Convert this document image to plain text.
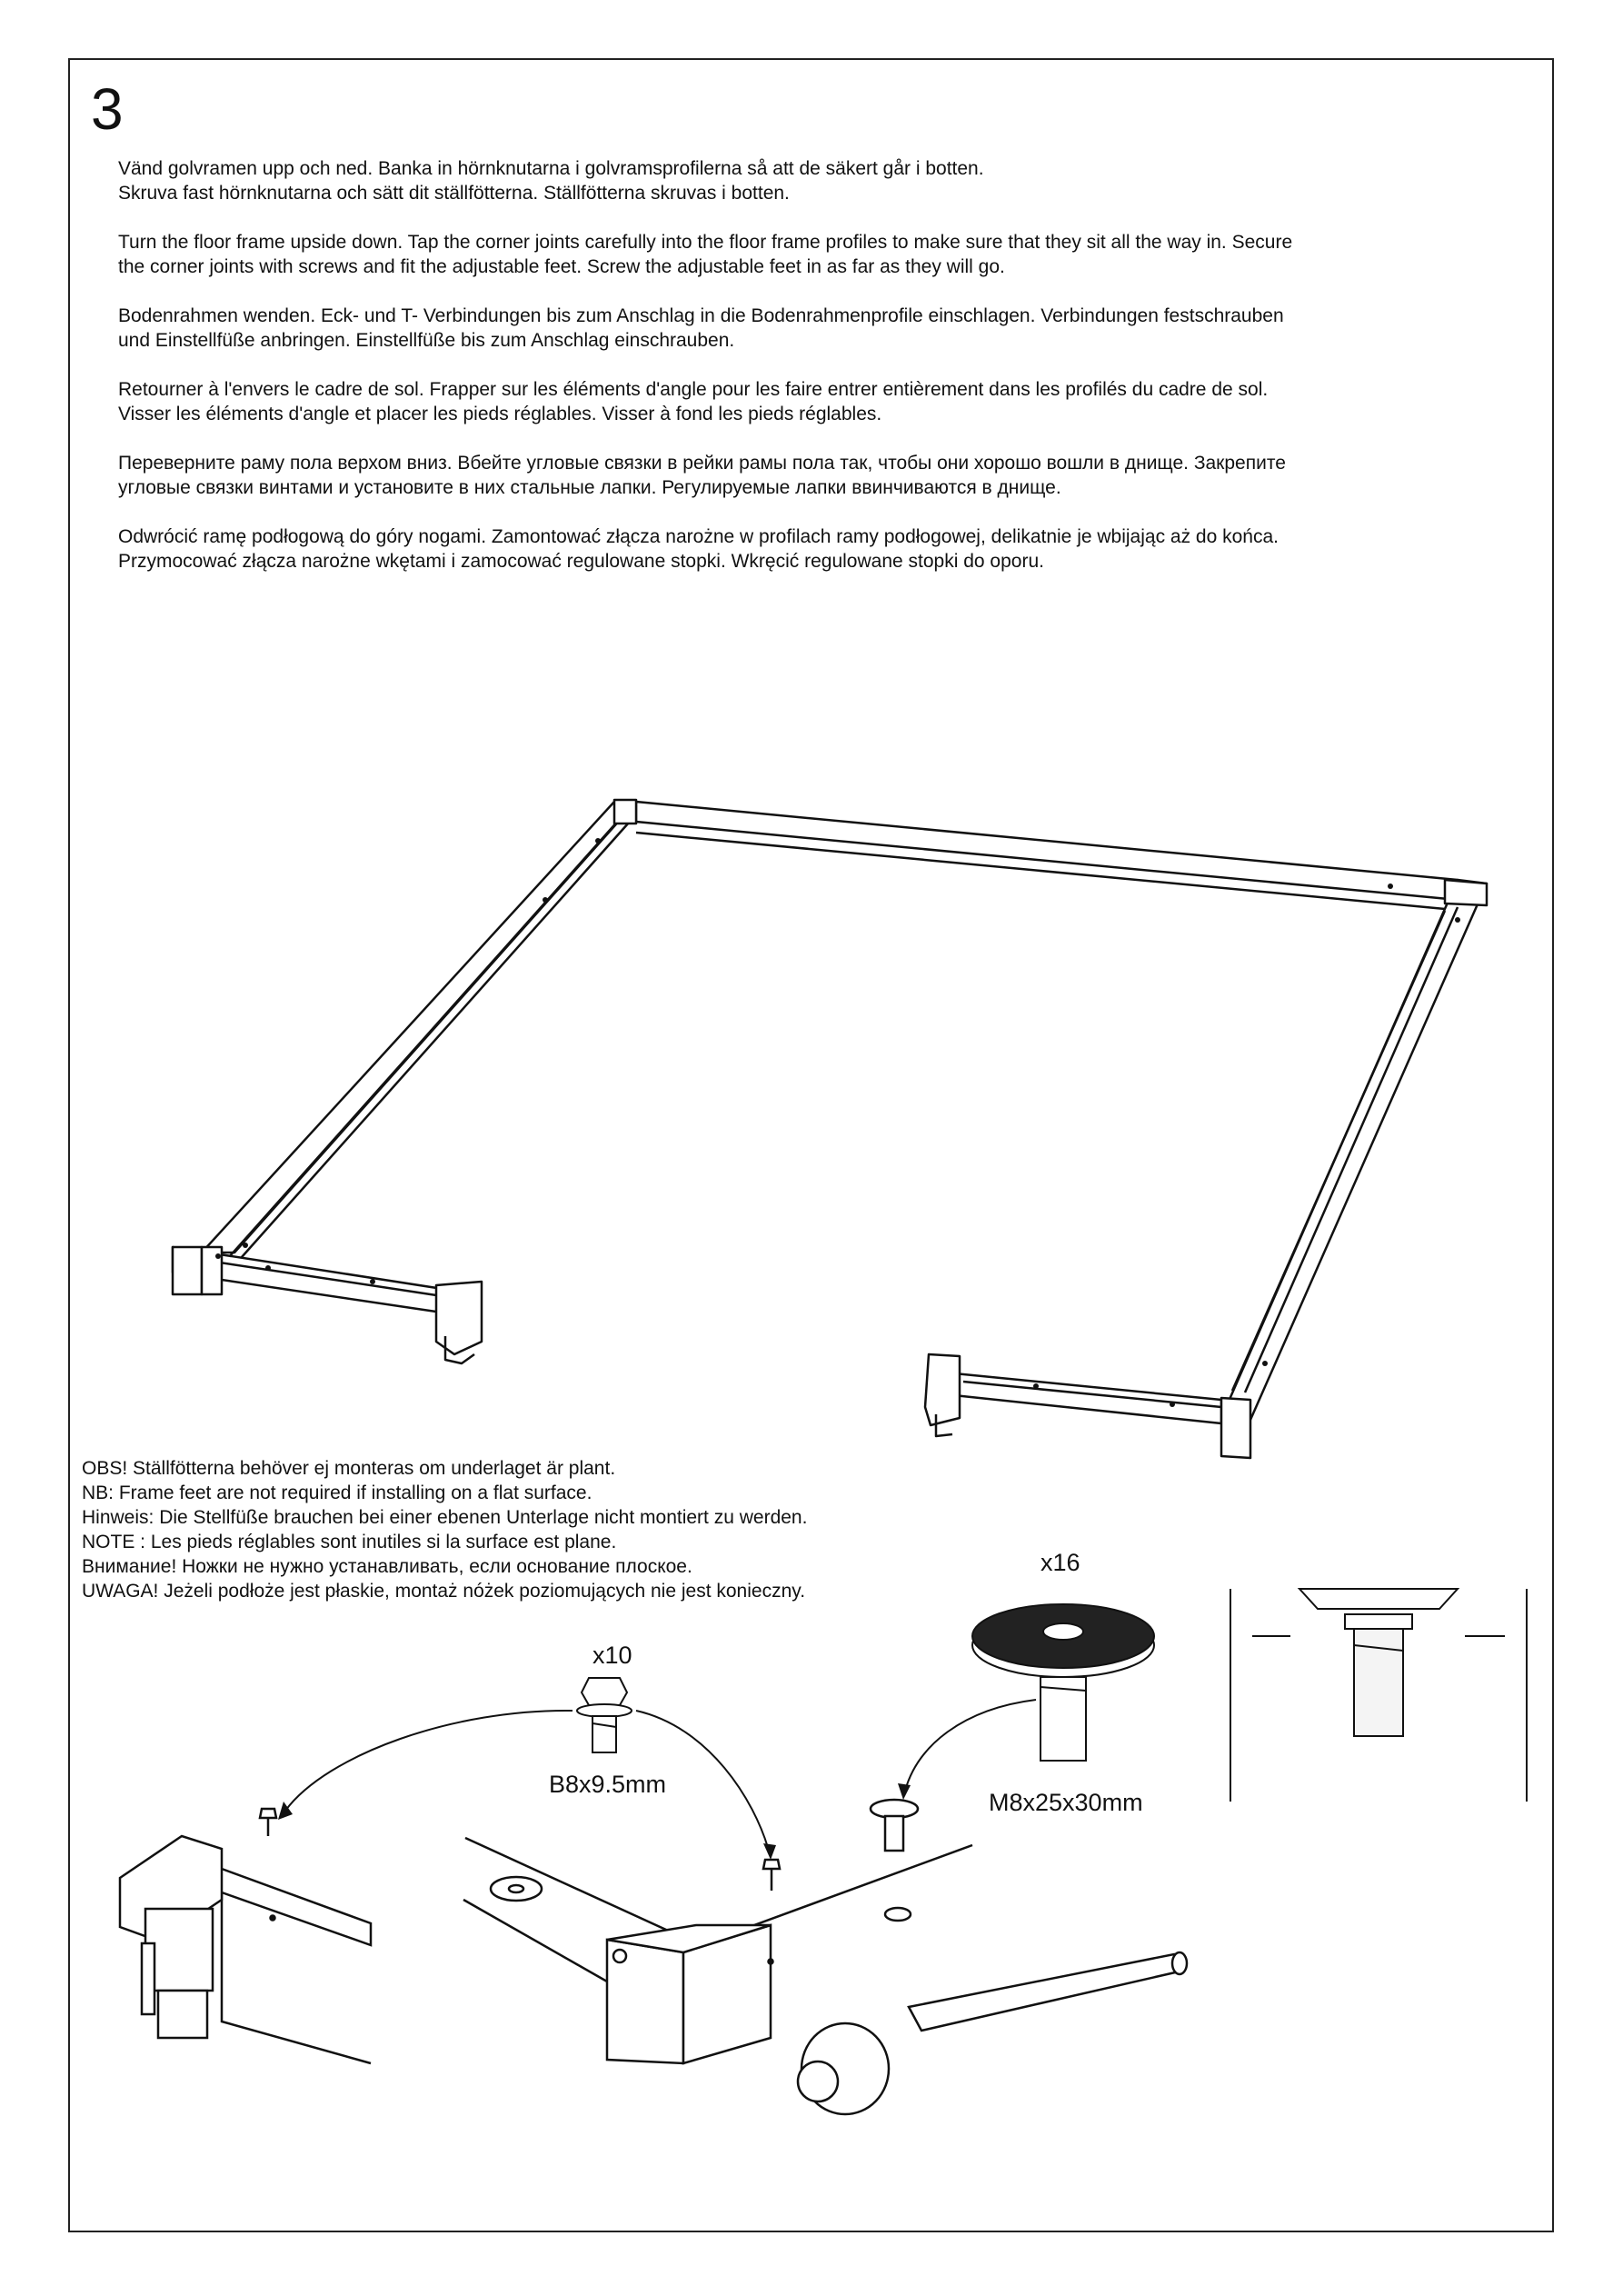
3

Vänd golvramen upp och ned. Banka in hörnknutarna i golvramsprofilerna så att de säkert går i botten.
Skruva fast hörnknutarna och sätt dit ställfötterna. Ställfötterna skruvas i botten.

Turn the floor frame upside down. Tap the corner joints carefully into the floor frame profiles to make sure that they sit all the way in. Secure
the corner joints with screws and fit the adjustable feet. Screw the adjustable feet in as far as they will go.

Bodenrahmen wenden. Eck- und T- Verbindungen bis zum Anschlag in die Bodenrahmenprofile einschlagen. Verbindungen festschrauben
und Einstellfüße anbringen. Einstellfüße bis zum Anschlag einschrauben.

Retourner à l'envers le cadre de sol. Frapper sur les éléments d'angle pour les faire entrer entièrement dans les profilés du cadre de sol.
Visser les éléments d'angle et placer les pieds réglables. Visser à fond les pieds réglables.

Переверните раму пола верхом вниз. Вбейте угловые связки в рейки рамы пола так, чтобы они хорошо вошли в днище. Закрепите
угловые связки винтами и установите в них стальные лапки. Регулируемые лапки ввинчиваются в днище.

Odwrócić ramę podłogową do góry nogami. Zamontować złącza narożne w profilach ramy podłogowej, delikatnie je wbijając aż do końca.
Przymocować złącza narożne wkętami i zamocować regulowane stopki. Wkręcić regulowane stopki do oporu.

OBS! Ställfötterna behöver ej monteras om underlaget är plant.
NB: Frame feet are not required if installing on a flat surface.
Hinweis: Die Stellfüße brauchen bei einer ebenen Unterlage nicht montiert zu werden.
NOTE : Les pieds réglables sont inutiles si la surface est plane.
Внимание! Ножки не нужно устанавливать, если основание плоское.
UWAGA! Jeżeli podłoże jest płaskie, montaż nóżek poziomujących nie jest konieczny.
x10
B8x9.5mm
x16
M8x25x30mm
